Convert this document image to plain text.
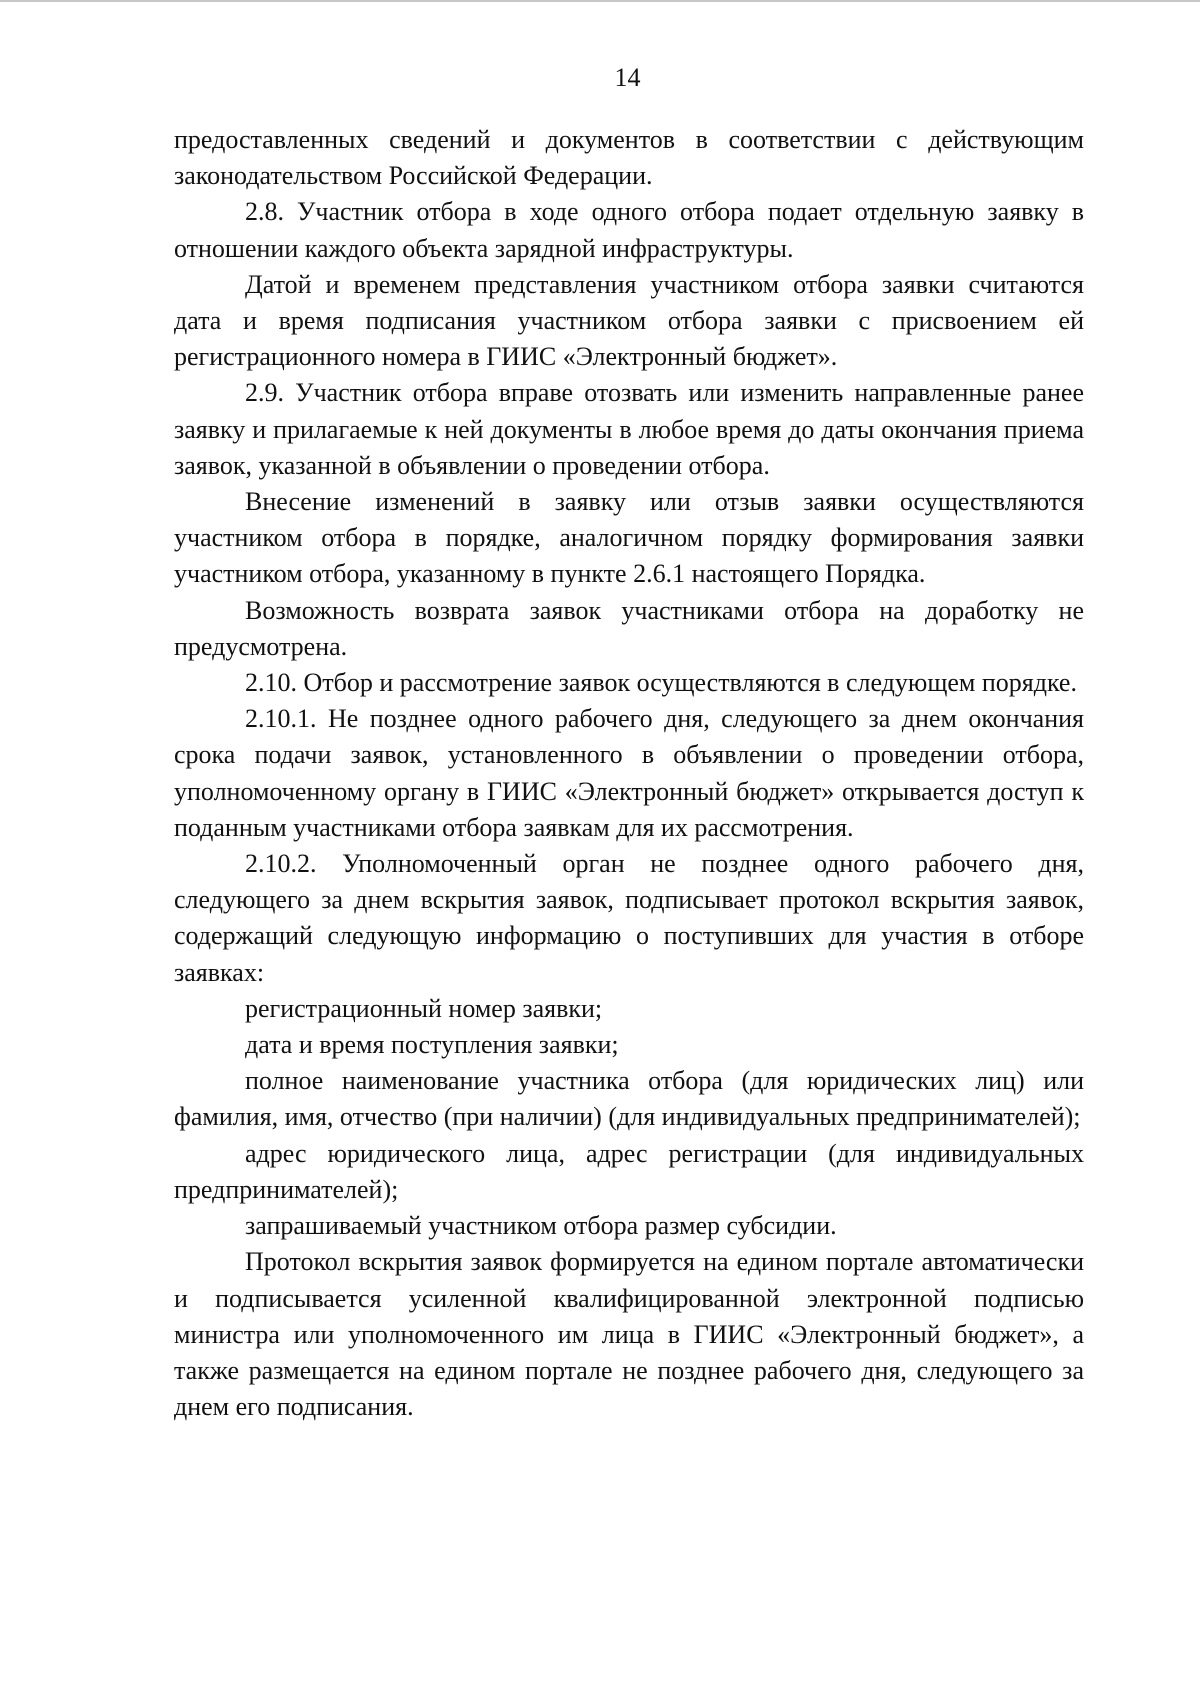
14

предоставленных сведений и документов в соответствии с действующим законодательством Российской Федерации.

2.8. Участник отбора в ходе одного отбора подает отдельную заявку в отношении каждого объекта зарядной инфраструктуры.

Датой и временем представления участником отбора заявки считаются дата и время подписания участником отбора заявки с присвоением ей регистрационного номера в ГИИС «Электронный бюджет».

2.9. Участник отбора вправе отозвать или изменить направленные ранее заявку и прилагаемые к ней документы в любое время до даты окончания приема заявок, указанной в объявлении о проведении отбора.

Внесение изменений в заявку или отзыв заявки осуществляются участником отбора в порядке, аналогичном порядку формирования заявки участником отбора, указанному в пункте 2.6.1 настоящего Порядка.

Возможность возврата заявок участниками отбора на доработку не предусмотрена.

2.10. Отбор и рассмотрение заявок осуществляются в следующем порядке.

2.10.1. Не позднее одного рабочего дня, следующего за днем окончания срока подачи заявок, установленного в объявлении о проведении отбора, уполномоченному органу в ГИИС «Электронный бюджет» открывается доступ к поданным участниками отбора заявкам для их рассмотрения.

2.10.2. Уполномоченный орган не позднее одного рабочего дня, следующего за днем вскрытия заявок, подписывает протокол вскрытия заявок, содержащий следующую информацию о поступивших для участия в отборе заявках:

регистрационный номер заявки;

дата и время поступления заявки;

полное наименование участника отбора (для юридических лиц) или фамилия, имя, отчество (при наличии) (для индивидуальных предпринимателей);

адрес юридического лица, адрес регистрации (для индивидуальных предпринимателей);

запрашиваемый участником отбора размер субсидии.

Протокол вскрытия заявок формируется на едином портале автоматически и подписывается усиленной квалифицированной электронной подписью министра или уполномоченного им лица в ГИИС «Электронный бюджет», а также размещается на едином портале не позднее рабочего дня, следующего за днем его подписания.
